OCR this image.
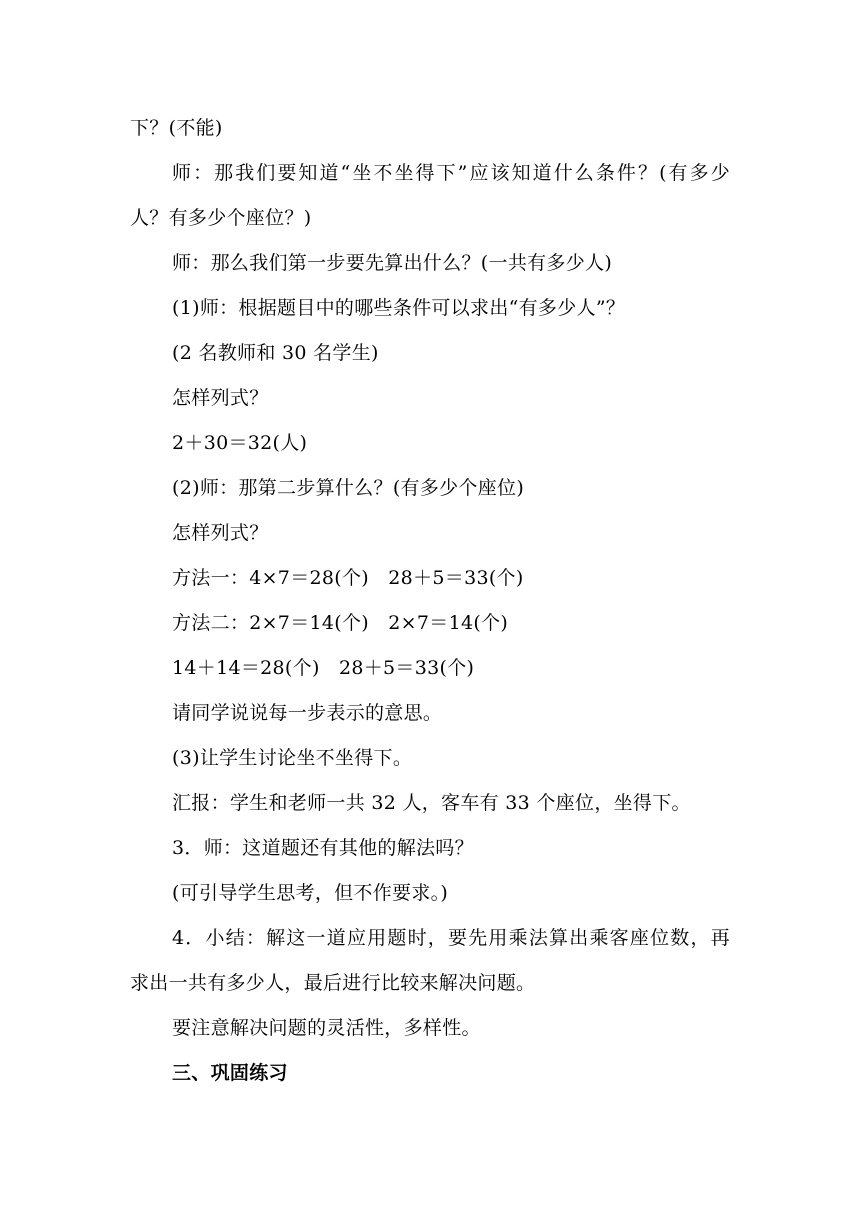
下？(不能)
师：那我们要知道“坐不坐得下”应该知道什么条件？(有多少
人？有多少个座位？)
师：那么我们第一步要先算出什么？(一共有多少人)
(1)师：根据题目中的哪些条件可以求出“有多少人”？
(2 名教师和 30 名学生)
怎样列式？
2＋30＝32(人)
(2)师：那第二步算什么？(有多少个座位)
怎样列式？
方法一：4×7＝28(个)　28＋5＝33(个)
方法二：2×7＝14(个)　2×7＝14(个)
14＋14＝28(个)　28＋5＝33(个)
请同学说说每一步表示的意思。
(3)让学生讨论坐不坐得下。
汇报：学生和老师一共 32 人，客车有 33 个座位，坐得下。
3．师：这道题还有其他的解法吗？
(可引导学生思考，但不作要求。)
4．小结：解这一道应用题时，要先用乘法算出乘客座位数，再
求出一共有多少人，最后进行比较来解决问题。
要注意解决问题的灵活性，多样性。
三、巩固练习
